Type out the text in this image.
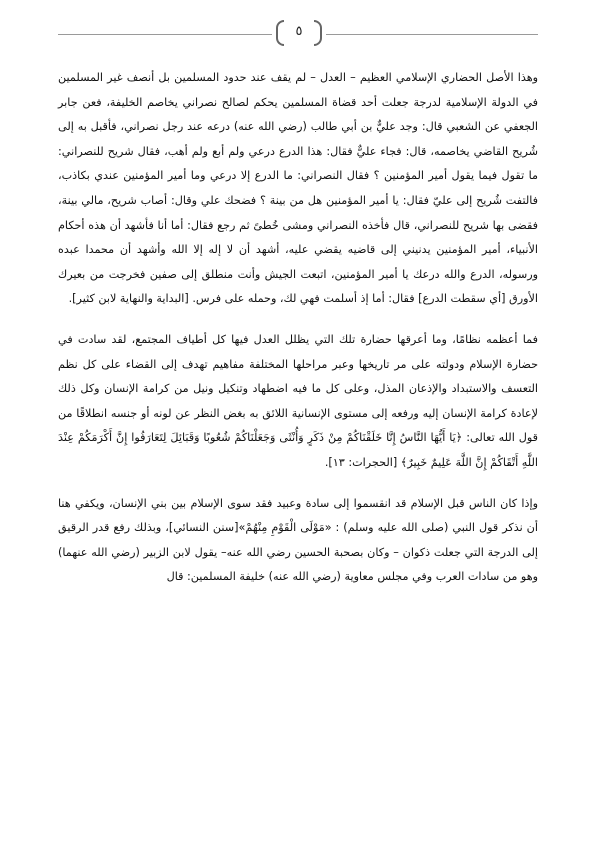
٥

وهذا الأصل الحضاري الإسلامي العظيم – العدل – لم يقف عند حدود المسلمين بل أنصف غير المسلمين في الدولة الإسلامية لدرجة جعلت أحد قضاة المسلمين يحكم لصالح نصراني يخاصم الخليفة، فعن جابر الجعفي عن الشعبي قال: وجد عليٌّ بن أبي طالب (رضي الله عنه) درعه عند رجل نصراني، فأقبل به إلى شُريح القاضي يخاصمه، قال: فجاء عليٌّ فقال: هذا الدرع درعي ولم أبع ولم أهب، فقال شريح للنصراني: ما تقول فيما يقول أمير المؤمنين ؟ فقال النصراني: ما الدرع إلا درعي وما أمير المؤمنين عندي بكاذب، فالتفت شُريح إلى عليّ فقال: يا أمير المؤمنين هل من بينة ؟ فضحك علي وقال: أصاب شريح، مالي بينة، فقضى بها شريح للنصراني، قال فأخذه النصراني ومشى خُطىً ثم رجع فقال: أما أنا فأشهد أن هذه أحكام الأنبياء، أمير المؤمنين يدنيني إلى قاضيه يقضي عليه، أشهد أن لا إله إلا الله وأشهد أن محمدا عبده ورسوله، الدرع والله درعك يا أمير المؤمنين، اتبعت الجيش وأنت منطلق إلى صفين فخرجت من بعيرك الأورق [أي سقطت الدرع] فقال: أما إذ أسلمت فهي لك، وحمله على فرس. [البداية والنهاية لابن كثير].

فما أعظمه نظامًا، وما أعرقها حضارة تلك التي يظلل العدل فيها كل أطياف المجتمع، لقد سادت في حضارة الإسلام ودولته على مر تاريخها وعبر مراحلها المختلفة مفاهيم تهدف إلى القضاء على كل نظم التعسف والاستبداد والإذعان المذل، وعلى كل ما فيه اضطهاد وتنكيل ونيل من كرامة الإنسان وكل ذلك لإعادة كرامة الإنسان إليه ورفعه إلى مستوى الإنسانية اللائق به بغض النظر عن لونه أو جنسه انطلاقًا من قول الله تعالى: ﴿يَا أَيُّهَا النَّاسُ إِنَّا خَلَقْنَاكُمْ مِنْ ذَكَرٍ وَأُنْثَى وَجَعَلْنَاكُمْ شُعُوبًا وَقَبَائِلَ لِتَعَارَفُوا إِنَّ أَكْرَمَكُمْ عِنْدَ اللَّهِ أَتْقَاكُمْ إِنَّ اللَّهَ عَلِيمٌ خَبِيرٌ﴾ [الحجرات: ١٣].

وإذا كان الناس قبل الإسلام قد انقسموا إلى سادة وعبيد فقد سوى الإسلام بين بني الإنسان، ويكفي هنا أن نذكر قول النبي (صلى الله عليه وسلم) : «مَوْلَى الْقَوْمِ مِنْهُمْ»[سنن النسائي]، وبذلك رفع قدر الرقيق إلى الدرجة التي جعلت ذكوان – وكان بصحبة الحسين رضي الله عنه– يقول لابن الزبير (رضي الله عنهما) وهو من سادات العرب وفي مجلس معاوية (رضي الله عنه) خليفة المسلمين: قال
